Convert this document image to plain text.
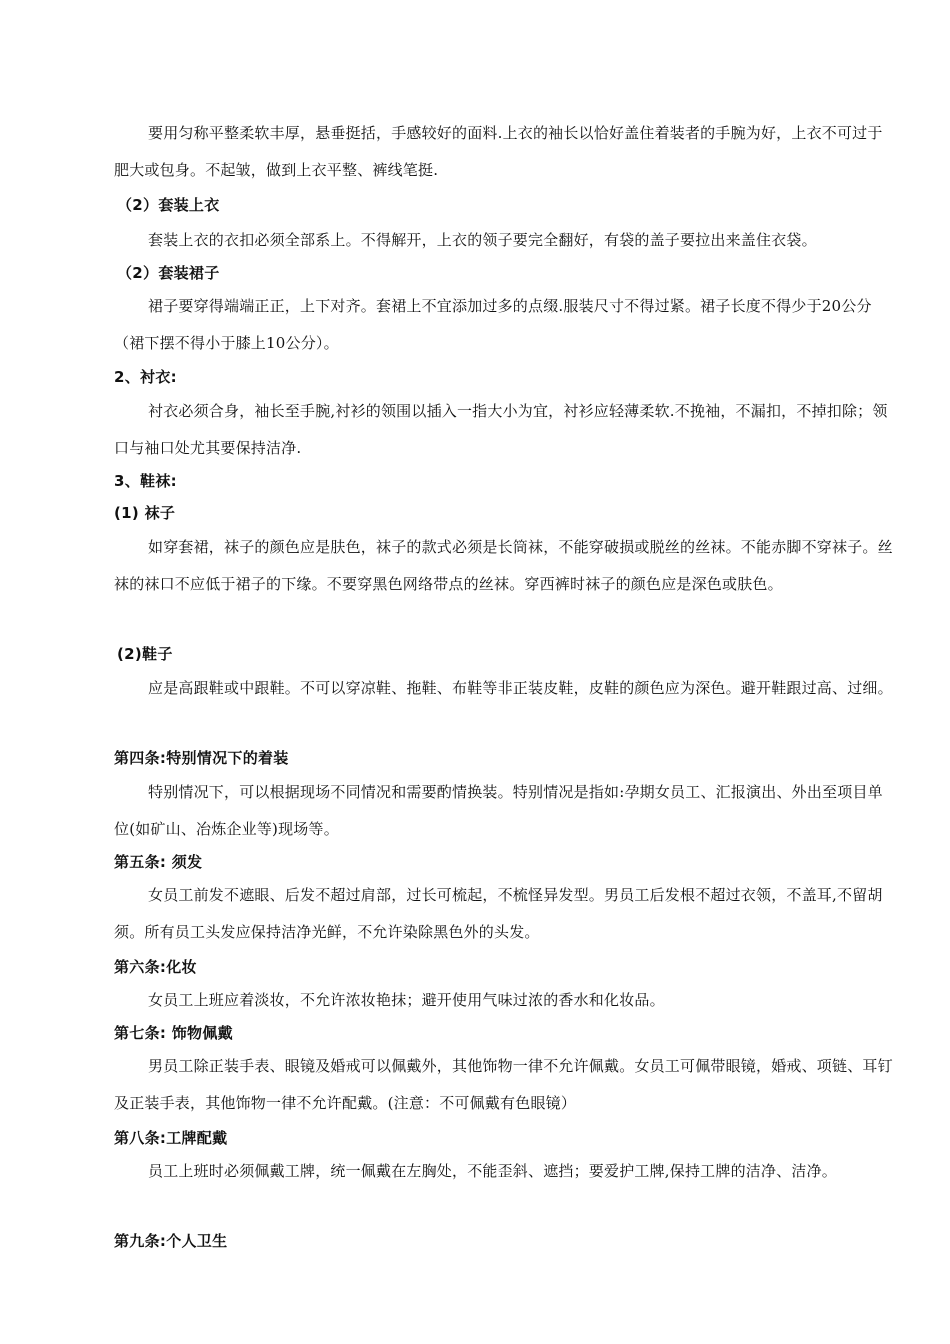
要用匀称平整柔软丰厚，悬垂挺括，手感较好的面料.上衣的袖长以恰好盖住着装者的手腕为好，上衣不可过于肥大或包身。不起皱，做到上衣平整、裤线笔挺.
（2）套装上衣
套装上衣的衣扣必须全部系上。不得解开，上衣的领子要完全翻好，有袋的盖子要拉出来盖住衣袋。
（2）套装裙子
裙子要穿得端端正正，上下对齐。套裙上不宜添加过多的点缀.服装尺寸不得过紧。裙子长度不得少于20公分（裙下摆不得小于膝上10公分）。
2、衬衣:
衬衣必须合身，袖长至手腕,衬衫的领围以插入一指大小为宜，衬衫应轻薄柔软.不挽袖，不漏扣，不掉扣除；领口与袖口处尤其要保持洁净.
3、鞋袜:
(1) 袜子
如穿套裙，袜子的颜色应是肤色，袜子的款式必须是长筒袜，不能穿破损或脱丝的丝袜。不能赤脚不穿袜子。丝袜的袜口不应低于裙子的下缘。不要穿黑色网络带点的丝袜。穿西裤时袜子的颜色应是深色或肤色。
(2)鞋子
应是高跟鞋或中跟鞋。不可以穿凉鞋、拖鞋、布鞋等非正装皮鞋，皮鞋的颜色应为深色。避开鞋跟过高、过细。
第四条:特别情况下的着装
特别情况下，可以根据现场不同情况和需要酌情换装。特别情况是指如:孕期女员工、汇报演出、外出至项目单位(如矿山、冶炼企业等)现场等。
第五条: 须发
女员工前发不遮眼、后发不超过肩部，过长可梳起，不梳怪异发型。男员工后发根不超过衣领，不盖耳,不留胡须。所有员工头发应保持洁净光鲜，不允许染除黑色外的头发。
第六条:化妆
女员工上班应着淡妆，不允许浓妆艳抹；避开使用气味过浓的香水和化妆品。
第七条: 饰物佩戴
男员工除正装手表、眼镜及婚戒可以佩戴外，其他饰物一律不允许佩戴。女员工可佩带眼镜，婚戒、项链、耳钉及正装手表，其他饰物一律不允许配戴。(注意：不可佩戴有色眼镜）
第八条:工牌配戴
员工上班时必须佩戴工牌，统一佩戴在左胸处，不能歪斜、遮挡；要爱护工牌,保持工牌的洁净、洁净。
第九条:个人卫生
